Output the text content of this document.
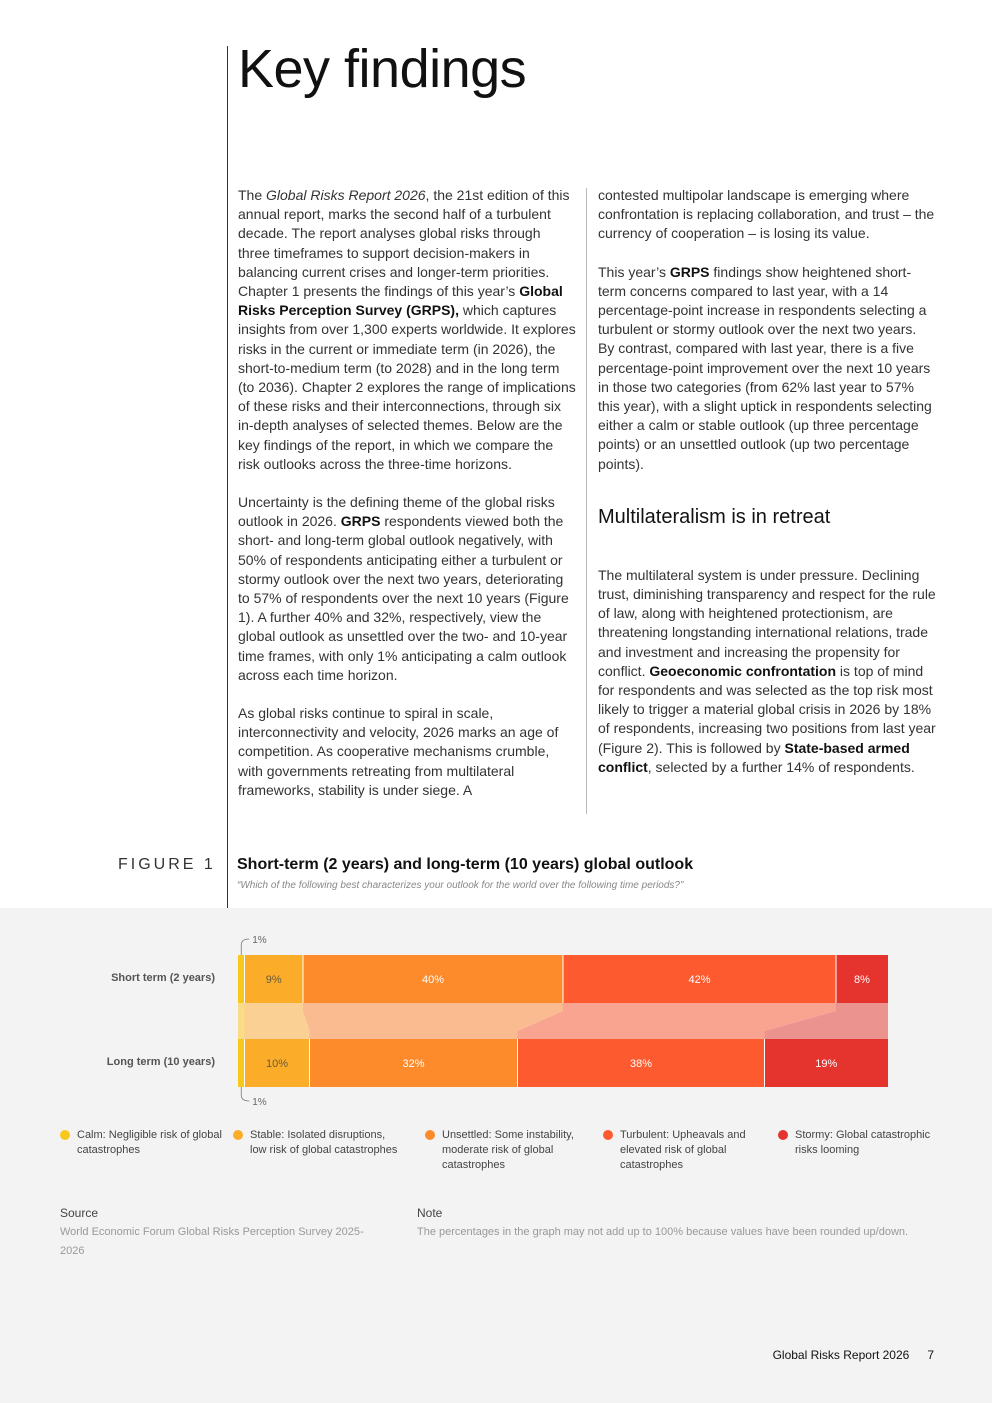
Key findings

The Global Risks Report 2026, the 21st edition of this annual report, marks the second half of a turbulent decade. The report analyses global risks through three timeframes to support decision-makers in balancing current crises and longer-term priorities. Chapter 1 presents the findings of this year’s Global Risks Perception Survey (GRPS), which captures insights from over 1,300 experts worldwide. It explores risks in the current or immediate term (in 2026), the short-to-medium term (to 2028) and in the long term (to 2036). Chapter 2 explores the range of implications of these risks and their interconnections, through six in-depth analyses of selected themes. Below are the key findings of the report, in which we compare the risk outlooks across the three-time horizons.

Uncertainty is the defining theme of the global risks outlook in 2026. GRPS respondents viewed both the short- and long-term global outlook negatively, with 50% of respondents anticipating either a turbulent or stormy outlook over the next two years, deteriorating to 57% of respondents over the next 10 years (Figure 1). A further 40% and 32%, respectively, view the global outlook as unsettled over the two- and 10-year time frames, with only 1% anticipating a calm outlook across each time horizon.

As global risks continue to spiral in scale, interconnectivity and velocity, 2026 marks an age of competition. As cooperative mechanisms crumble, with governments retreating from multilateral frameworks, stability is under siege. A

contested multipolar landscape is emerging where confrontation is replacing collaboration, and trust – the currency of cooperation – is losing its value.

This year’s GRPS findings show heightened short-term concerns compared to last year, with a 14 percentage-point increase in respondents selecting a turbulent or stormy outlook over the next two years. By contrast, compared with last year, there is a five percentage-point improvement over the next 10 years in those two categories (from 62% last year to 57% this year), with a slight uptick in respondents selecting either a calm or stable outlook (up three percentage points) or an unsettled outlook (up two percentage points).

Multilateralism is in retreat

The multilateral system is under pressure. Declining trust, diminishing transparency and respect for the rule of law, along with heightened protectionism, are threatening longstanding international relations, trade and investment and increasing the propensity for conflict. Geoeconomic confrontation is top of mind for respondents and was selected as the top risk most likely to trigger a material global crisis in 2026 by 18% of respondents, increasing two positions from last year (Figure 2). This is followed by State-based armed conflict, selected by a further 14% of respondents.

FIGURE 1 Short-term (2 years) and long-term (10 years) global outlook
“Which of the following best characterizes your outlook for the world over the following time periods?”
Short term (2 years)
Long term (10 years)
9%	40%	42%	8%
10%	32%	38%	19%
1%
1%
Calm: Negligible risk of global catastrophes
Stable: Isolated disruptions, low risk of global catastrophes
Unsettled: Some instability, moderate risk of global catastrophes
Turbulent: Upheavals and elevated risk of global catastrophes
Stormy: Global catastrophic risks looming
Source
World Economic Forum Global Risks Perception Survey 2025-2026
Note
The percentages in the graph may not add up to 100% because values have been rounded up/down.
Global Risks Report 2026 7
